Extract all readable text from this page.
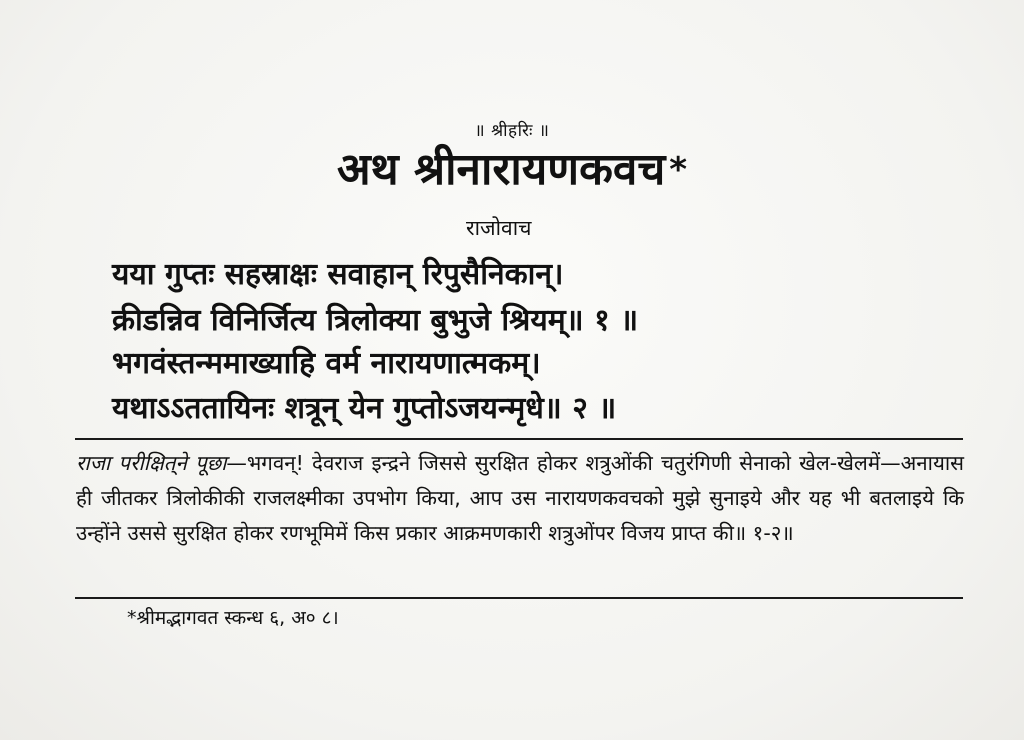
॥ श्रीहरिः ॥
अथ श्रीनारायणकवच *
राजोवाच
यया गुप्तः सहस्राक्षः सवाहान् रिपुसैनिकान्।
क्रीडन्निव विनिर्जित्य त्रिलोक्या बुभुजे श्रियम्॥ १ ॥
भगवंस्तन्ममाख्याहि वर्म नारायणात्मकम्।
यथाऽऽततायिनः शत्रून् येन गुप्तोऽजयन्मृधे॥ २ ॥
राजा परीक्षित्‌ने पूछा—भगवन्! देवराज इन्द्रने जिससे सुरक्षित होकर शत्रुओंकी चतुरंगिणी सेनाको खेल-खेलमें—अनायास ही जीतकर त्रिलोकीकी राजलक्ष्मीका उपभोग किया, आप उस नारायणकवचको मुझे सुनाइये और यह भी बतलाइये कि उन्होंने उससे सुरक्षित होकर रणभूमिमें किस प्रकार आक्रमणकारी शत्रुओंपर विजय प्राप्त की॥ १-२॥
*श्रीमद्भागवत स्कन्ध ६, अ० ८।
